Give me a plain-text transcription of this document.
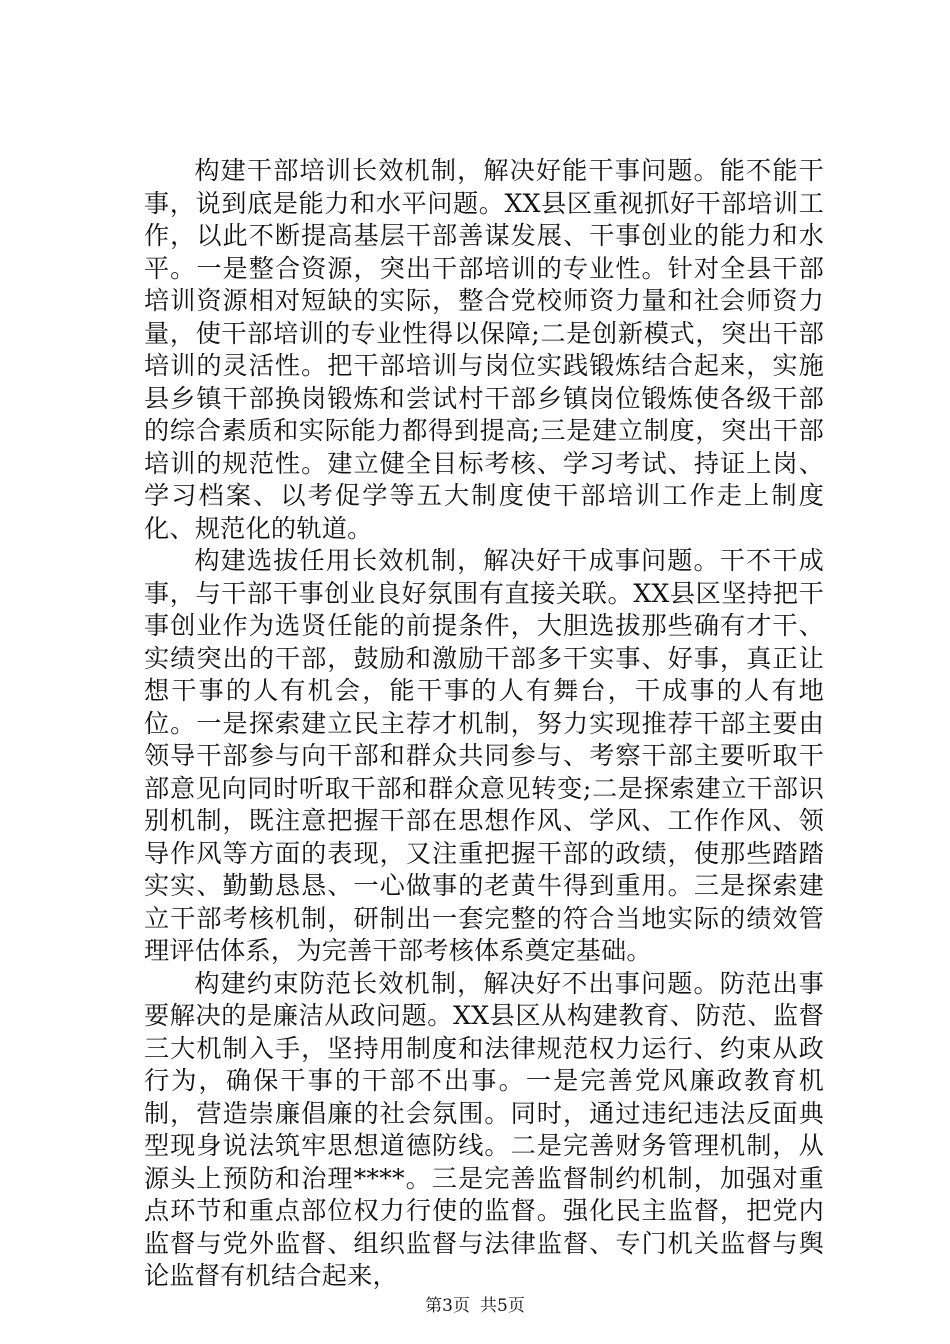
构建干部培训长效机制，解决好能干事问题。能不能干事，说到底是能力和水平问题。XX县区重视抓好干部培训工作，以此不断提高基层干部善谋发展、干事创业的能力和水平。一是整合资源，突出干部培训的专业性。针对全县干部培训资源相对短缺的实际，整合党校师资力量和社会师资力量，使干部培训的专业性得以保障;二是创新模式，突出干部培训的灵活性。把干部培训与岗位实践锻炼结合起来，实施县乡镇干部换岗锻炼和尝试村干部乡镇岗位锻炼使各级干部的综合素质和实际能力都得到提高;三是建立制度，突出干部培训的规范性。建立健全目标考核、学习考试、持证上岗、学习档案、以考促学等五大制度使干部培训工作走上制度化、规范化的轨道。

构建选拔任用长效机制，解决好干成事问题。干不干成事，与干部干事创业良好氛围有直接关联。XX县区坚持把干事创业作为选贤任能的前提条件，大胆选拔那些确有才干、实绩突出的干部，鼓励和激励干部多干实事、好事，真正让想干事的人有机会，能干事的人有舞台，干成事的人有地位。一是探索建立民主荐才机制，努力实现推荐干部主要由领导干部参与向干部和群众共同参与、考察干部主要听取干部意见向同时听取干部和群众意见转变;二是探索建立干部识别机制，既注意把握干部在思想作风、学风、工作作风、领导作风等方面的表现，又注重把握干部的政绩，使那些踏踏实实、勤勤恳恳、一心做事的老黄牛得到重用。三是探索建立干部考核机制，研制出一套完整的符合当地实际的绩效管理评估体系，为完善干部考核体系奠定基础。

构建约束防范长效机制，解决好不出事问题。防范出事要解决的是廉洁从政问题。XX县区从构建教育、防范、监督三大机制入手，坚持用制度和法律规范权力运行、约束从政行为，确保干事的干部不出事。一是完善党风廉政教育机制，营造崇廉倡廉的社会氛围。同时，通过违纪违法反面典型现身说法筑牢思想道德防线。二是完善财务管理机制，从源头上预防和治理****。三是完善监督制约机制，加强对重点环节和重点部位权力行使的监督。强化民主监督，把党内监督与党外监督、组织监督与法律监督、专门机关监督与舆论监督有机结合起来，

第3页 共5页
